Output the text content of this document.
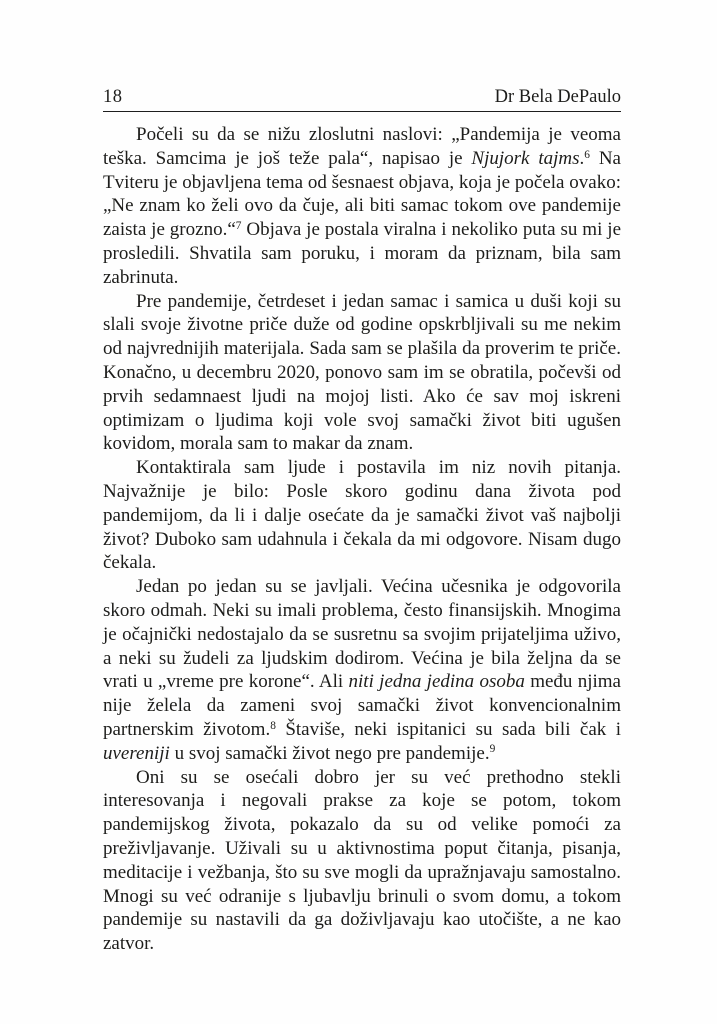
18	Dr Bela DePaulo

Počeli su da se nižu zloslutni naslovi: „Pandemija je veoma teška. Samcima je još teže pala“, napisao je Njujork tajms.$^6$ Na Tviteru je objavljena tema od šesnaest objava, koja je počela ovako: „Ne znam ko želi ovo da čuje, ali biti samac tokom ove pandemije zaista je grozno.“$^7$ Objava je postala viralna i nekoliko puta su mi je prosledili. Shvatila sam poruku, i moram da priznam, bila sam zabrinuta.

Pre pandemije, četrdeset i jedan samac i samica u duši koji su slali svoje životne priče duže od godine opskrbljivali su me nekim od najvrednijih materijala. Sada sam se plašila da proverim te priče. Konačno, u decembru 2020, ponovo sam im se obratila, počevši od prvih sedamnaest ljudi na mojoj listi. Ako će sav moj iskreni optimizam o ljudima koji vole svoj samački život biti ugušen kovidom, morala sam to makar da znam.

Kontaktirala sam ljude i postavila im niz novih pitanja. Najvažnije je bilo: Posle skoro godinu dana života pod pandemijom, da li i dalje osećate da je samački život vaš najbolji život? Duboko sam udahnula i čekala da mi odgovore. Nisam dugo čekala.

Jedan po jedan su se javljali. Većina učesnika je odgovorila skoro odmah. Neki su imali problema, često finansijskih. Mnogima je očajnički nedostajalo da se susretnu sa svojim prijateljima uživo, a neki su žudeli za ljudskim dodirom. Većina je bila željna da se vrati u „vreme pre korone“. Ali niti jedna jedina osoba među njima nije želela da zameni svoj samački život konvencionalnim partnerskim životom.$^8$ Štaviše, neki ispitanici su sada bili čak i uvereniji u svoj samački život nego pre pandemije.$^9$

Oni su se osećali dobro jer su već prethodno stekli interesovanja i negovali prakse za koje se potom, tokom pandemijskog života, pokazalo da su od velike pomoći za preživljavanje. Uživali su u aktivnostima poput čitanja, pisanja, meditacije i vežbanja, što su sve mogli da upražnjavaju samostalno. Mnogi su već odranije s ljubavlju brinuli o svom domu, a tokom pandemije su nastavili da ga doživljavaju kao utočište, a ne kao zatvor.
